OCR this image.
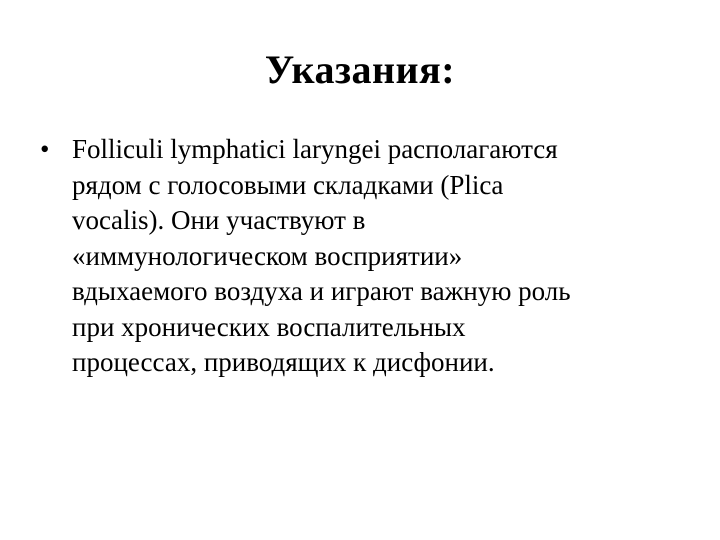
Указания:
• Folliculi lymphatici laryngei располагаются
рядом с голосовыми складками (Plica
vocalis). Они участвуют в
«иммунологическом восприятии»
вдыхаемого воздуха и играют важную роль
при хронических воспалительных
процессах, приводящих к дисфонии.
